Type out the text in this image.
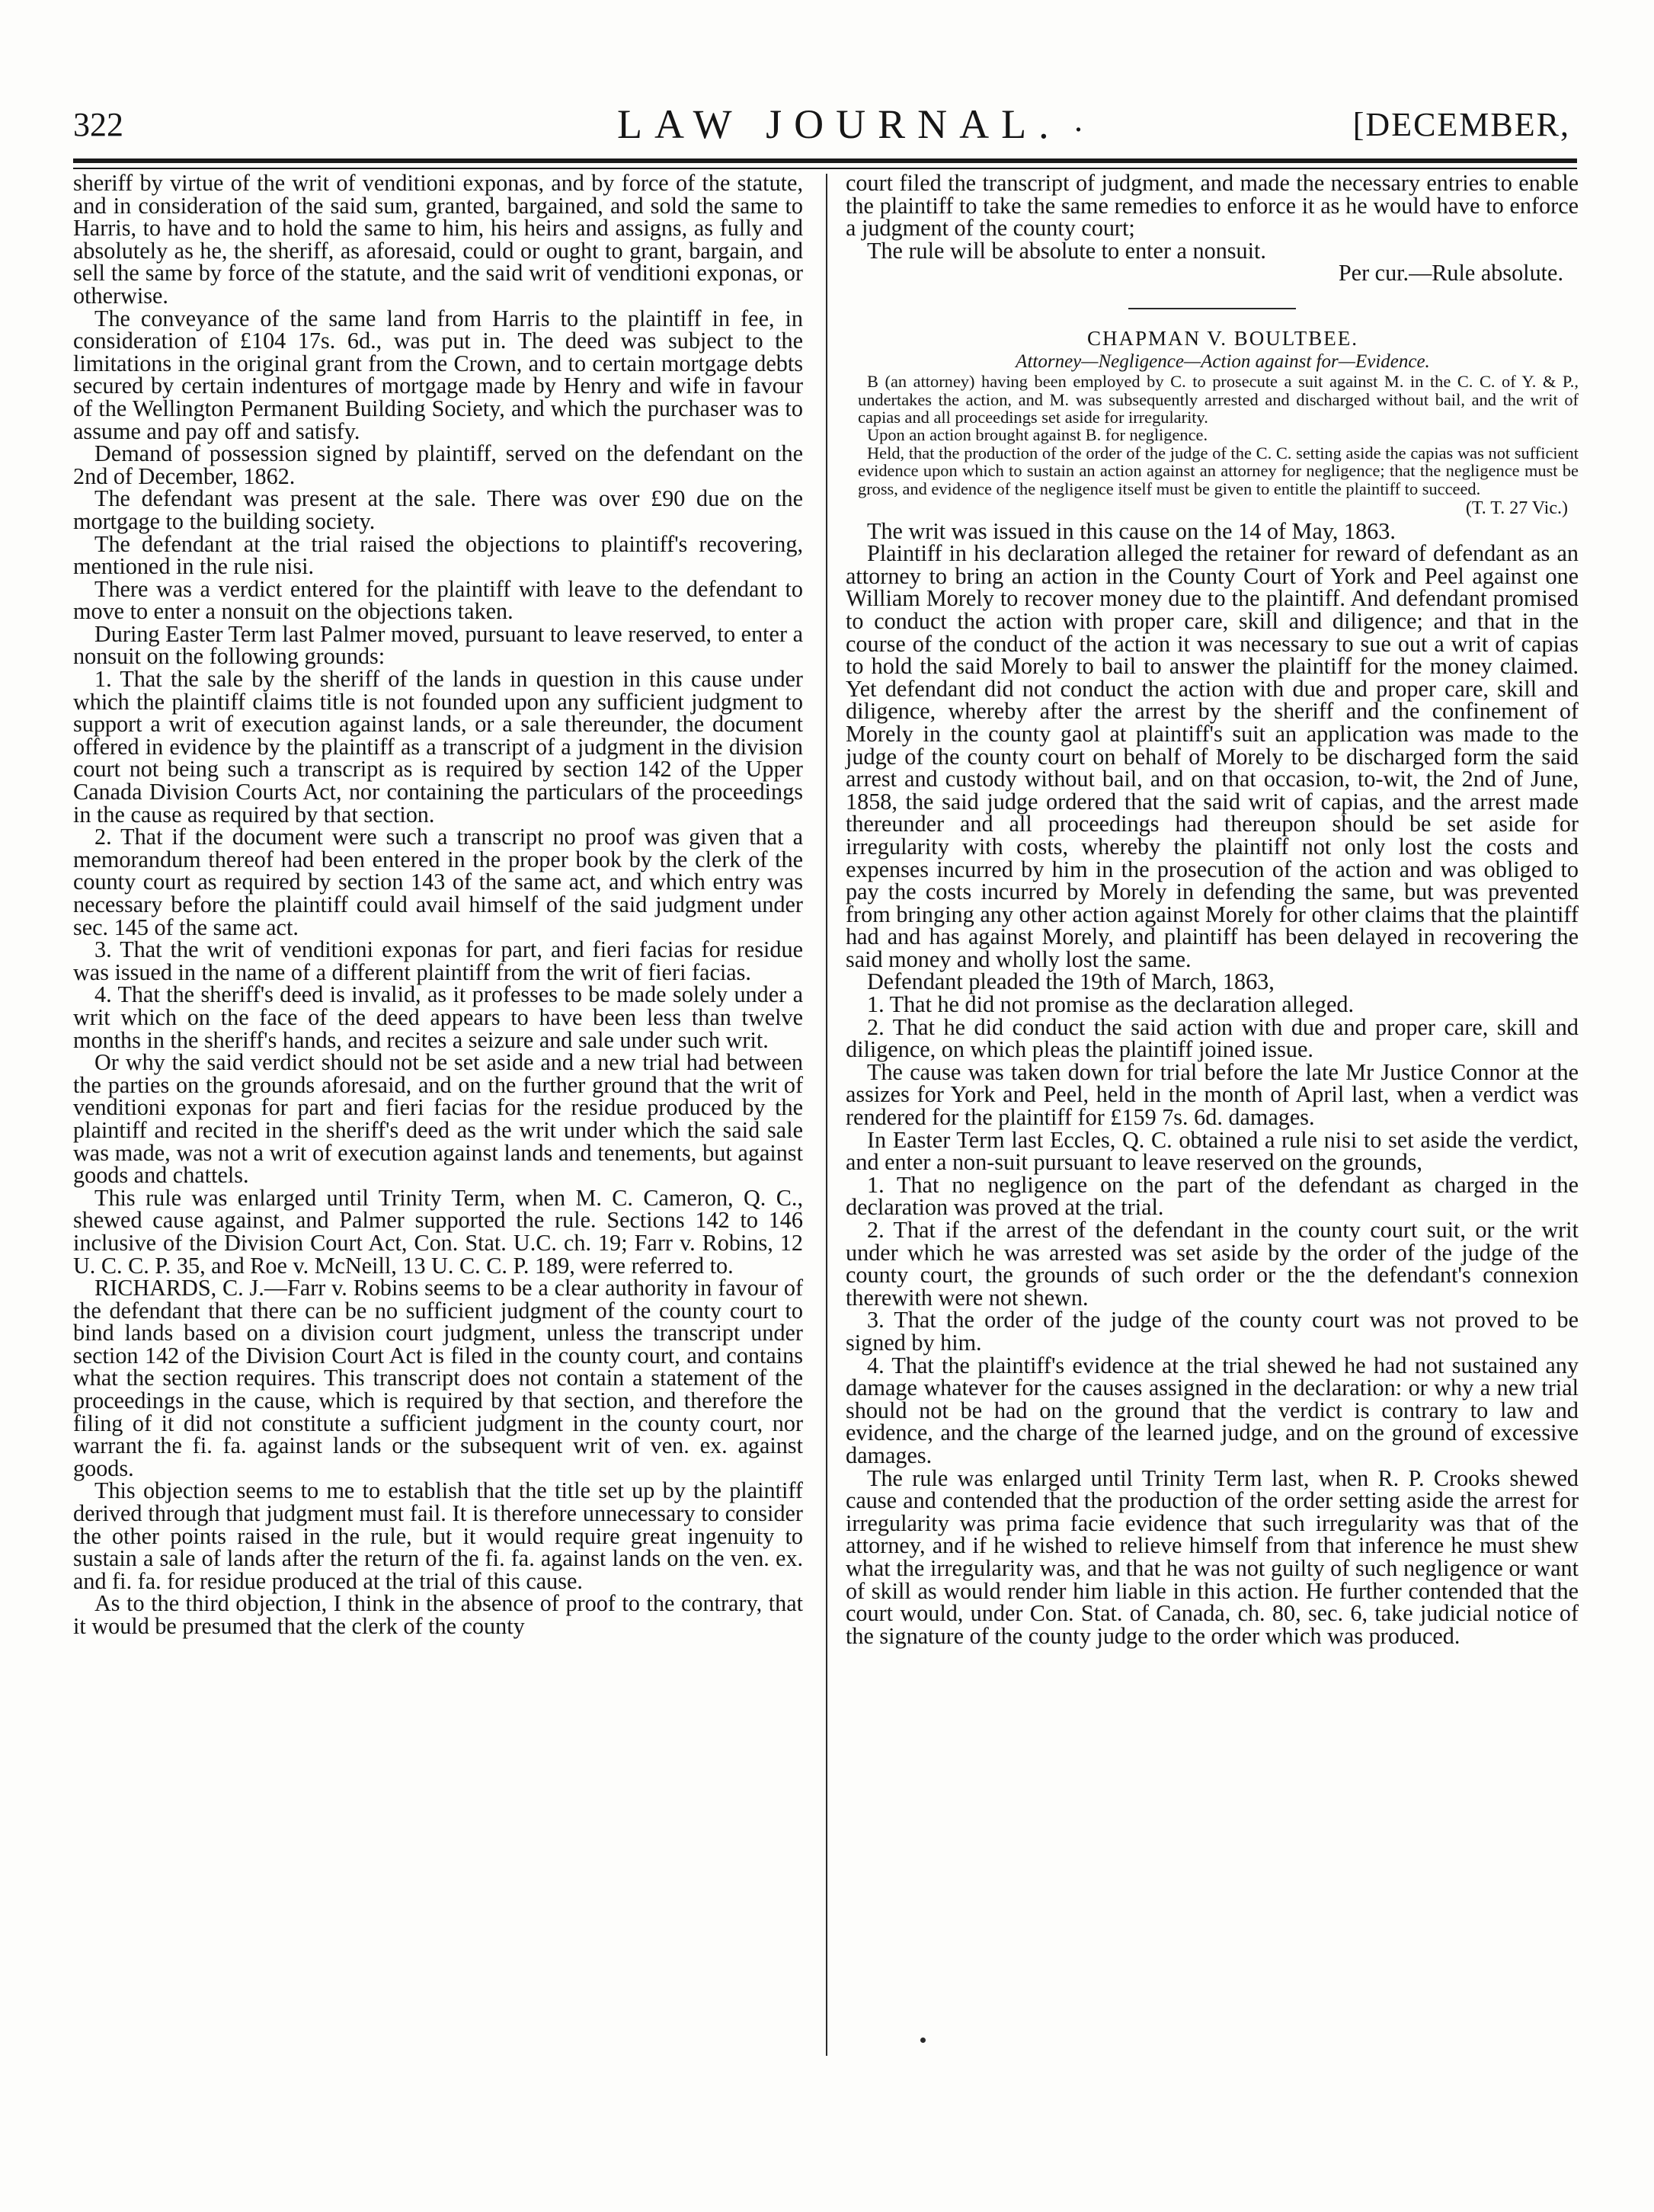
322	LAW JOURNAL. .	[DECEMBER,

sheriff by virtue of the writ of venditioni exponas, and by force of the statute, and in consideration of the said sum, granted, bargained, and sold the same to Harris, to have and to hold the same to him, his heirs and assigns, as fully and absolutely as he, the sheriff, as aforesaid, could or ought to grant, bargain, and sell the same by force of the statute, and the said writ of venditioni exponas, or otherwise.

The conveyance of the same land from Harris to the plaintiff in fee, in consideration of £104 17s. 6d., was put in. The deed was subject to the limitations in the original grant from the Crown, and to certain mortgage debts secured by certain indentures of mortgage made by Henry and wife in favour of the Wellington Permanent Building Society, and which the purchaser was to assume and pay off and satisfy.

Demand of possession signed by plaintiff, served on the defendant on the 2nd of December, 1862.

The defendant was present at the sale. There was over £90 due on the mortgage to the building society.

The defendant at the trial raised the objections to plaintiff's recovering, mentioned in the rule nisi.

There was a verdict entered for the plaintiff with leave to the defendant to move to enter a nonsuit on the objections taken.

During Easter Term last Palmer moved, pursuant to leave reserved, to enter a nonsuit on the following grounds:

1. That the sale by the sheriff of the lands in question in this cause under which the plaintiff claims title is not founded upon any sufficient judgment to support a writ of execution against lands, or a sale thereunder, the document offered in evidence by the plaintiff as a transcript of a judgment in the division court not being such a transcript as is required by section 142 of the Upper Canada Division Courts Act, nor containing the particulars of the proceedings in the cause as required by that section.

2. That if the document were such a transcript no proof was given that a memorandum thereof had been entered in the proper book by the clerk of the county court as required by section 143 of the same act, and which entry was necessary before the plaintiff could avail himself of the said judgment under sec. 145 of the same act.

3. That the writ of venditioni exponas for part, and fieri facias for residue was issued in the name of a different plaintiff from the writ of fieri facias.

4. That the sheriff's deed is invalid, as it professes to be made solely under a writ which on the face of the deed appears to have been less than twelve months in the sheriff's hands, and recites a seizure and sale under such writ.

Or why the said verdict should not be set aside and a new trial had between the parties on the grounds aforesaid, and on the further ground that the writ of venditioni exponas for part and fieri facias for the residue produced by the plaintiff and recited in the sheriff's deed as the writ under which the said sale was made, was not a writ of execution against lands and tenements, but against goods and chattels.

This rule was enlarged until Trinity Term, when M. C. Cameron, Q. C., shewed cause against, and Palmer supported the rule. Sections 142 to 146 inclusive of the Division Court Act, Con. Stat. U.C. ch. 19; Farr v. Robins, 12 U. C. C. P. 35, and Roe v. McNeill, 13 U. C. C. P. 189, were referred to.

RICHARDS, C. J.—Farr v. Robins seems to be a clear authority in favour of the defendant that there can be no sufficient judgment of the county court to bind lands based on a division court judgment, unless the transcript under section 142 of the Division Court Act is filed in the county court, and contains what the section requires. This transcript does not contain a statement of the proceedings in the cause, which is required by that section, and therefore the filing of it did not constitute a sufficient judgment in the county court, nor warrant the fi. fa. against lands or the subsequent writ of ven. ex. against goods.

This objection seems to me to establish that the title set up by the plaintiff derived through that judgment must fail. It is therefore unnecessary to consider the other points raised in the rule, but it would require great ingenuity to sustain a sale of lands after the return of the fi. fa. against lands on the ven. ex. and fi. fa. for residue produced at the trial of this cause.

As to the third objection, I think in the absence of proof to the contrary, that it would be presumed that the clerk of the county

court filed the transcript of judgment, and made the necessary entries to enable the plaintiff to take the same remedies to enforce it as he would have to enforce a judgment of the county court;

The rule will be absolute to enter a nonsuit.

Per cur.—Rule absolute.

CHAPMAN V. BOULTBEE.

Attorney—Negligence—Action against for—Evidence.

B (an attorney) having been employed by C. to prosecute a suit against M. in the C. C. of Y. & P., undertakes the action, and M. was subsequently arrested and discharged without bail, and the writ of capias and all proceedings set aside for irregularity.

Upon an action brought against B. for negligence.

Held, that the production of the order of the judge of the C. C. setting aside the capias was not sufficient evidence upon which to sustain an action against an attorney for negligence; that the negligence must be gross, and evidence of the negligence itself must be given to entitle the plaintiff to succeed.

(T. T. 27 Vic.)

The writ was issued in this cause on the 14 of May, 1863.

Plaintiff in his declaration alleged the retainer for reward of defendant as an attorney to bring an action in the County Court of York and Peel against one William Morely to recover money due to the plaintiff. And defendant promised to conduct the action with proper care, skill and diligence; and that in the course of the conduct of the action it was necessary to sue out a writ of capias to hold the said Morely to bail to answer the plaintiff for the money claimed. Yet defendant did not conduct the action with due and proper care, skill and diligence, whereby after the arrest by the sheriff and the confinement of Morely in the county gaol at plaintiff's suit an application was made to the judge of the county court on behalf of Morely to be discharged form the said arrest and custody without bail, and on that occasion, to-wit, the 2nd of June, 1858, the said judge ordered that the said writ of capias, and the arrest made thereunder and all proceedings had thereupon should be set aside for irregularity with costs, whereby the plaintiff not only lost the costs and expenses incurred by him in the prosecution of the action and was obliged to pay the costs incurred by Morely in defending the same, but was prevented from bringing any other action against Morely for other claims that the plaintiff had and has against Morely, and plaintiff has been delayed in recovering the said money and wholly lost the same.

Defendant pleaded the 19th of March, 1863,

1. That he did not promise as the declaration alleged.

2. That he did conduct the said action with due and proper care, skill and diligence, on which pleas the plaintiff joined issue.

The cause was taken down for trial before the late Mr Justice Connor at the assizes for York and Peel, held in the month of April last, when a verdict was rendered for the plaintiff for £159 7s. 6d. damages.

In Easter Term last Eccles, Q. C. obtained a rule nisi to set aside the verdict, and enter a non-suit pursuant to leave reserved on the grounds,

1. That no negligence on the part of the defendant as charged in the declaration was proved at the trial.

2. That if the arrest of the defendant in the county court suit, or the writ under which he was arrested was set aside by the order of the judge of the county court, the grounds of such order or the the defendant's connexion therewith were not shewn.

3. That the order of the judge of the county court was not proved to be signed by him.

4. That the plaintiff's evidence at the trial shewed he had not sustained any damage whatever for the causes assigned in the declaration: or why a new trial should not be had on the ground that the verdict is contrary to law and evidence, and the charge of the learned judge, and on the ground of excessive damages.

The rule was enlarged until Trinity Term last, when R. P. Crooks shewed cause and contended that the production of the order setting aside the arrest for irregularity was prima facie evidence that such irregularity was that of the attorney, and if he wished to relieve himself from that inference he must shew what the irregularity was, and that he was not guilty of such negligence or want of skill as would render him liable in this action. He further contended that the court would, under Con. Stat. of Canada, ch. 80, sec. 6, take judicial notice of the signature of the county judge to the order which was produced.
